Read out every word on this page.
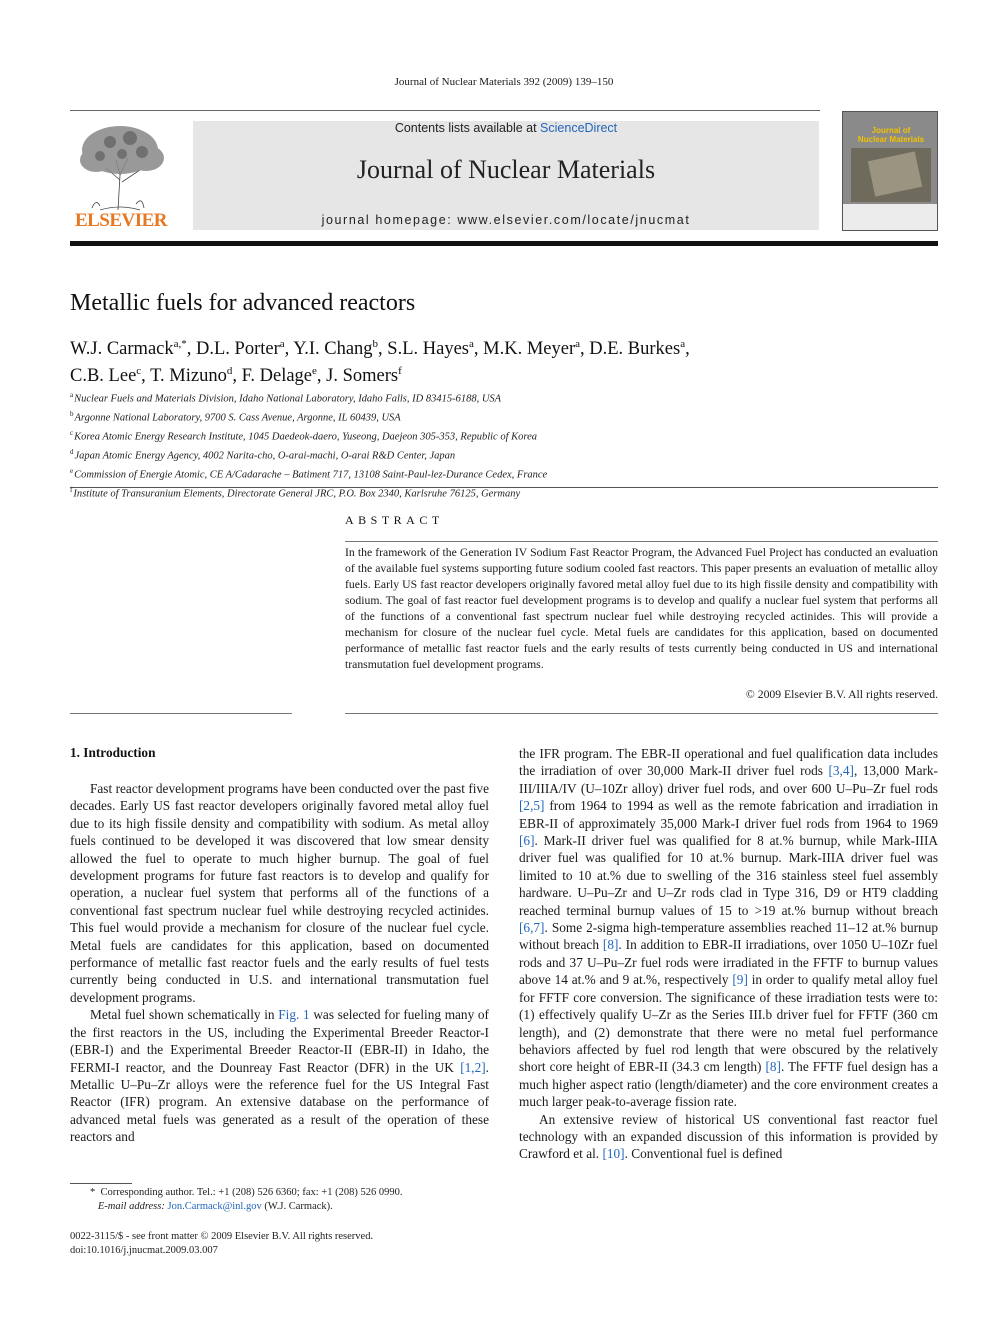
Journal of Nuclear Materials 392 (2009) 139–150
ELSEVIER
Contents lists available at ScienceDirect
Journal of Nuclear Materials
journal homepage: www.elsevier.com/locate/jnucmat
Journal of
Nuclear Materials
Metallic fuels for advanced reactors
W.J. Carmack$^{a,*}$, D.L. Porter$^a$, Y.I. Chang$^b$, S.L. Hayes$^a$, M.K. Meyer$^a$, D.E. Burkes$^a$,
C.B. Lee$^c$, T. Mizuno$^d$, F. Delage$^e$, J. Somers$^f$
$^a$Nuclear Fuels and Materials Division, Idaho National Laboratory, Idaho Falls, ID 83415-6188, USA
$^b$Argonne National Laboratory, 9700 S. Cass Avenue, Argonne, IL 60439, USA
$^c$Korea Atomic Energy Research Institute, 1045 Daedeok-daero, Yuseong, Daejeon 305-353, Republic of Korea
$^d$Japan Atomic Energy Agency, 4002 Narita-cho, O-arai-machi, O-arai R&D Center, Japan
$^e$Commission of Energie Atomic, CE A/Cadarache – Batiment 717, 13108 Saint-Paul-lez-Durance Cedex, France
$^f$Institute of Transuranium Elements, Directorate General JRC, P.O. Box 2340, Karlsruhe 76125, Germany
ABSTRACT
In the framework of the Generation IV Sodium Fast Reactor Program, the Advanced Fuel Project has conducted an evaluation of the available fuel systems supporting future sodium cooled fast reactors. This paper presents an evaluation of metallic alloy fuels. Early US fast reactor developers originally favored metal alloy fuel due to its high fissile density and compatibility with sodium. The goal of fast reactor fuel development programs is to develop and qualify a nuclear fuel system that performs all of the functions of a conventional fast spectrum nuclear fuel while destroying recycled actinides. This will provide a mechanism for closure of the nuclear fuel cycle. Metal fuels are candidates for this application, based on documented performance of metallic fast reactor fuels and the early results of tests currently being conducted in US and international transmutation fuel development programs.
© 2009 Elsevier B.V. All rights reserved.
1. Introduction

Fast reactor development programs have been conducted over the past five decades. Early US fast reactor developers originally favored metal alloy fuel due to its high fissile density and compatibility with sodium. As metal alloy fuels continued to be developed it was discovered that low smear density allowed the fuel to operate to much higher burnup. The goal of fuel development programs for future fast reactors is to develop and qualify for operation, a nuclear fuel system that performs all of the functions of a conventional fast spectrum nuclear fuel while destroying recycled actinides. This fuel would provide a mechanism for closure of the nuclear fuel cycle. Metal fuels are candidates for this application, based on documented performance of metallic fast reactor fuels and the early results of fuel tests currently being conducted in U.S. and international transmutation fuel development programs.

Metal fuel shown schematically in Fig. 1 was selected for fueling many of the first reactors in the US, including the Experimental Breeder Reactor-I (EBR-I) and the Experimental Breeder Reactor-II (EBR-II) in Idaho, the FERMI-I reactor, and the Dounreay Fast Reactor (DFR) in the UK [1,2]. Metallic U–Pu–Zr alloys were the reference fuel for the US Integral Fast Reactor (IFR) program. An extensive database on the performance of advanced metal fuels was generated as a result of the operation of these reactors and

the IFR program. The EBR-II operational and fuel qualification data includes the irradiation of over 30,000 Mark-II driver fuel rods [3,4], 13,000 Mark-III/IIIA/IV (U–10Zr alloy) driver fuel rods, and over 600 U–Pu–Zr fuel rods [2,5] from 1964 to 1994 as well as the remote fabrication and irradiation in EBR-II of approximately 35,000 Mark-I driver fuel rods from 1964 to 1969 [6]. Mark-II driver fuel was qualified for 8 at.% burnup, while Mark-IIIA driver fuel was qualified for 10 at.% burnup. Mark-IIIA driver fuel was limited to 10 at.% due to swelling of the 316 stainless steel fuel assembly hardware. U–Pu–Zr and U–Zr rods clad in Type 316, D9 or HT9 cladding reached terminal burnup values of 15 to >19 at.% burnup without breach [6,7]. Some 2-sigma high-temperature assemblies reached 11–12 at.% burnup without breach [8]. In addition to EBR-II irradiations, over 1050 U–10Zr fuel rods and 37 U–Pu–Zr fuel rods were irradiated in the FFTF to burnup values above 14 at.% and 9 at.%, respectively [9] in order to qualify metal alloy fuel for FFTF core conversion. The significance of these irradiation tests were to: (1) effectively qualify U–Zr as the Series III.b driver fuel for FFTF (360 cm length), and (2) demonstrate that there were no metal fuel performance behaviors affected by fuel rod length that were obscured by the relatively short core height of EBR-II (34.3 cm length) [8]. The FFTF fuel design has a much higher aspect ratio (length/diameter) and the core environment creates a much larger peak-to-average fission rate.

An extensive review of historical US conventional fast reactor fuel technology with an expanded discussion of this information is provided by Crawford et al. [10]. Conventional fuel is defined

* Corresponding author. Tel.: +1 (208) 526 6360; fax: +1 (208) 526 0990.
E-mail address: Jon.Carmack@inl.gov (W.J. Carmack).
0022-3115/$ - see front matter © 2009 Elsevier B.V. All rights reserved.
doi:10.1016/j.jnucmat.2009.03.007
